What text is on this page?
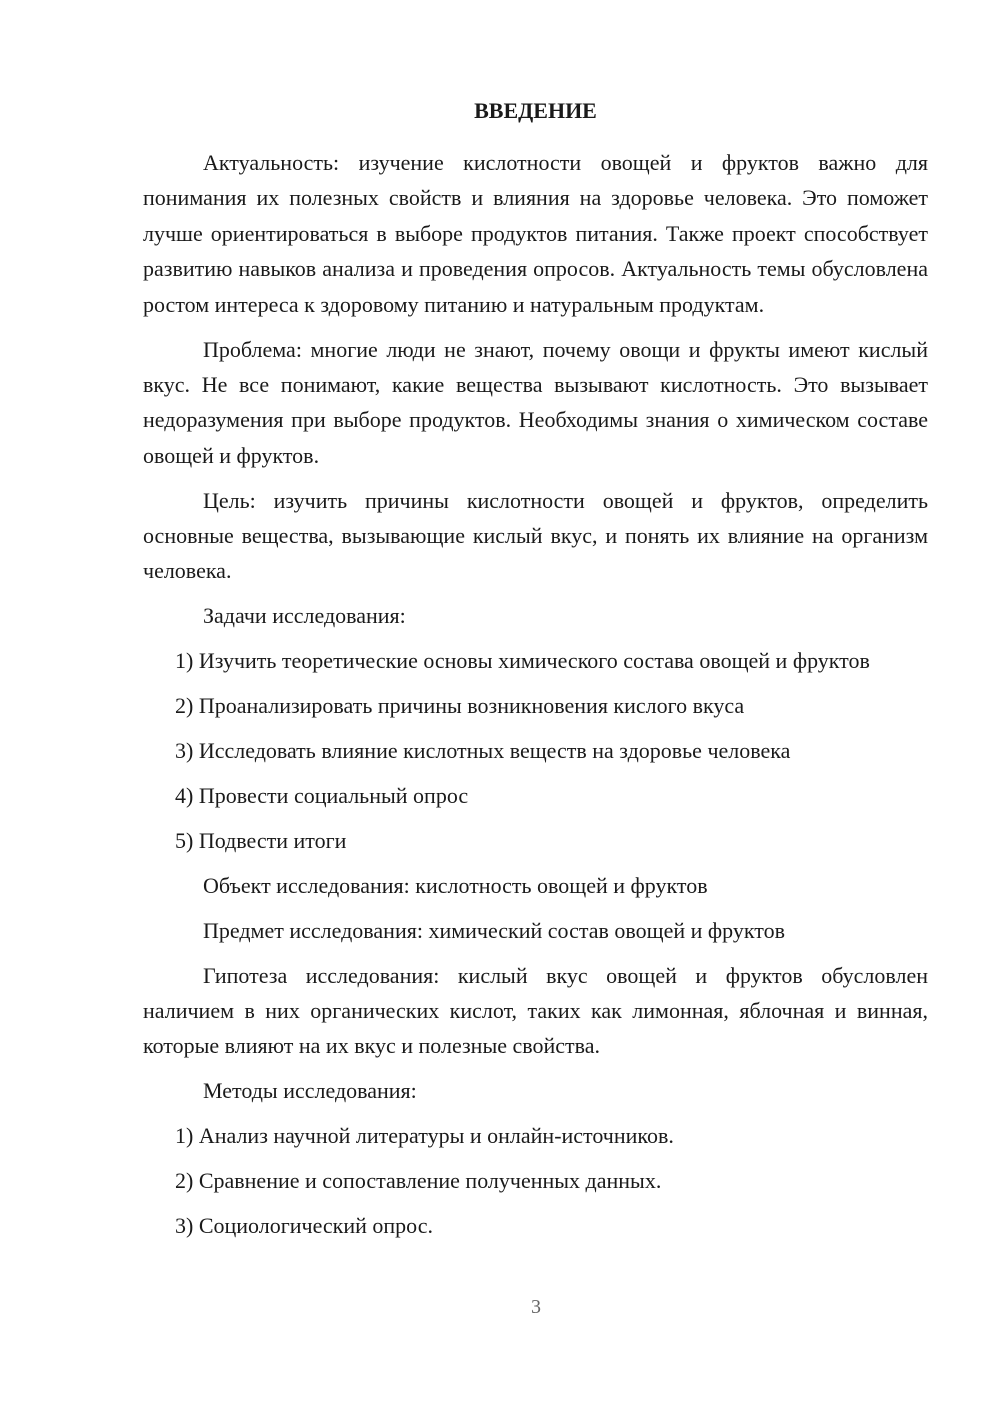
ВВЕДЕНИЕ

Актуальность: изучение кислотности овощей и фруктов важно для понимания их полезных свойств и влияния на здоровье человека. Это поможет лучше ориентироваться в выборе продуктов питания. Также проект способствует развитию навыков анализа и проведения опросов. Актуальность темы обусловлена ростом интереса к здоровому питанию и натуральным продуктам.

Проблема: многие люди не знают, почему овощи и фрукты имеют кислый вкус. Не все понимают, какие вещества вызывают кислотность. Это вызывает недоразумения при выборе продуктов. Необходимы знания о химическом составе овощей и фруктов.

Цель: изучить причины кислотности овощей и фруктов, определить основные вещества, вызывающие кислый вкус, и понять их влияние на организм человека.

Задачи исследования:
1) Изучить теоретические основы химического состава овощей и фруктов
2) Проанализировать причины возникновения кислого вкуса
3) Исследовать влияние кислотных веществ на здоровье человека
4) Провести социальный опрос
5) Подвести итоги
Объект исследования: кислотность овощей и фруктов
Предмет исследования: химический состав овощей и фруктов

Гипотеза исследования: кислый вкус овощей и фруктов обусловлен наличием в них органических кислот, таких как лимонная, яблочная и винная, которые влияют на их вкус и полезные свойства.

Методы исследования:
1) Анализ научной литературы и онлайн-источников.
2) Сравнение и сопоставление полученных данных.
3) Социологический опрос.
3
